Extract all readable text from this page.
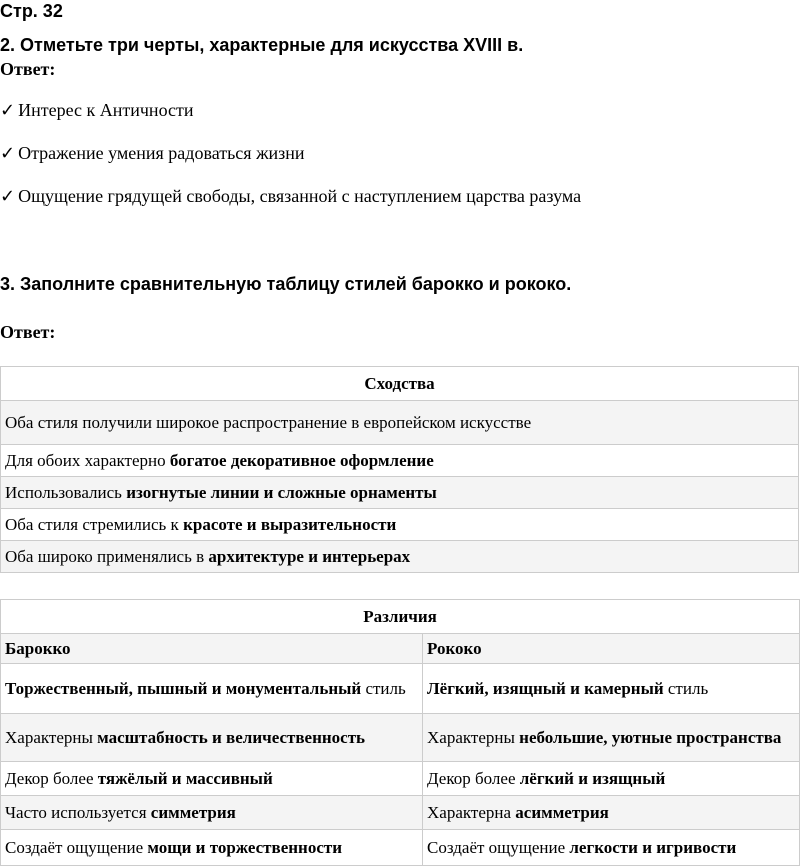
Стр. 32
2. Отметьте три черты, характерные для искусства XVIII в.
Ответ:
✓ Интерес к Античности
✓ Отражение умения радоваться жизни
✓ Ощущение грядущей свободы, связанной с наступлением царства разума
3. Заполните сравнительную таблицу стилей барокко и рококо.
Ответ:
Сходства
Оба стиля получили широкое распространение в европейском искусстве
Для обоих характерно богатое декоративное оформление
Использовались изогнутые линии и сложные орнаменты
Оба стиля стремились к красоте и выразительности
Оба широко применялись в архитектуре и интерьерах
Различия	
Барокко	Рококо
Торжественный, пышный и монументальный стиль	Лёгкий, изящный и камерный стиль
Характерны масштабность и величественность	Характерны небольшие, уютные пространства
Декор более тяжёлый и массивный	Декор более лёгкий и изящный
Часто используется симметрия	Характерна асимметрия
Создаёт ощущение мощи и торжественности	Создаёт ощущение легкости и игривости
